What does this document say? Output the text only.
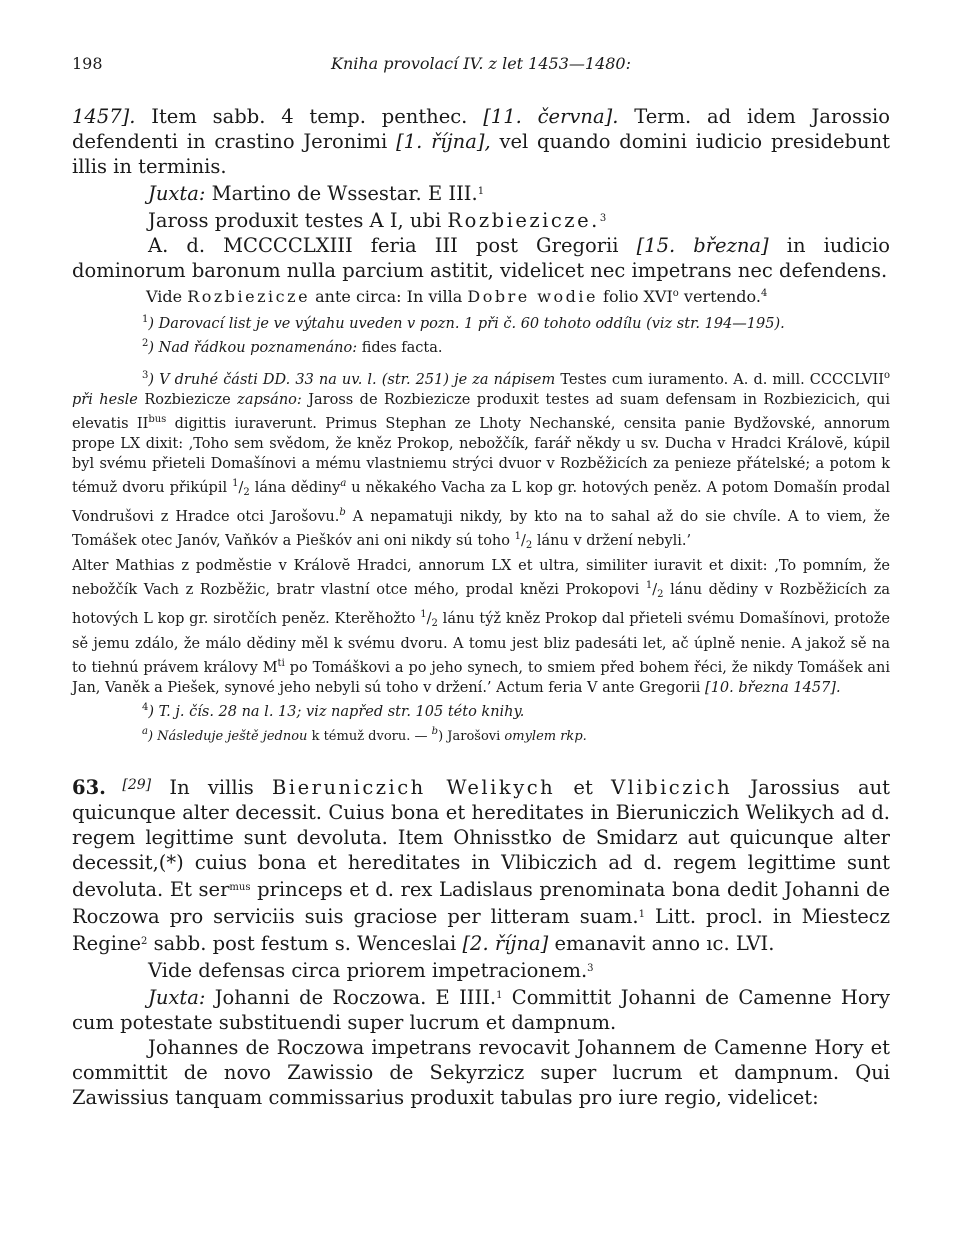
198	Kniha provolací IV. z let 1453—1480:

1457]. Item sabb. 4 temp. penthec. [11. června]. Term. ad idem Jarossio defendenti in crastino Jeronimi [1. října], vel quando domini iudicio presidebunt illis in terminis.

Juxta: Martino de Wssestar. E III.$^1$

Jaross produxit testes A I, ubi Rozbiezicze.$^3$

A. d. MCCCCLXIII feria III post Gregorii [15. března] in iudicio dominorum baronum nulla parcium astitit, videlicet nec impetrans nec defendens.

Vide Rozbiezicze ante circa: In villa Dobre wodie folio XVI$^o$ vertendo.$^4$

$^1$) Darovací list je ve výtahu uveden v pozn. 1 při č. 60 tohoto oddílu (viz str. 194—195).

$^2$) Nad řádkou poznamenáno: fides facta.

$^3$) V druhé části DD. 33 na uv. l. (str. 251) je za nápisem Testes cum iuramento. A. d. mill. CCCCLVII$^o$ při hesle Rozbiezicze zapsáno: Jaross de Rozbiezicze produxit testes ad suam defensam in Rozbiezicich, qui elevatis $II^{bus}$ digittis iuraverunt. Primus Stephan ze Lhoty Nechanské, censita panie Bydžovské, annorum prope LX dixit: ‚Toho sem svědom, že kněz Prokop, nebožčík, farář někdy u sv. Ducha v Hradci Královĕ, kúpil byl svému přieteli Domašínovi a mému vlastniemu strýci dvuor v Rozběžicích za penieze přátelské; a potom k témuž dvoru přikúpil $^1/_2$ lána dědiny$^a$ u někakého Vacha za L kop gr. hotových peněz. A potom Domašín prodal Vondrušovi z Hradce otci Jarošovu.$^b$ A nepamatuji nikdy, by kto na to sahal až do sie chvíle. A to viem, že Tomášek otec Janóv, Vaňkóv a Pieškóv ani oni nikdy sú toho $^1/_2$ lánu v držení nebyli.’

Alter Mathias z podměstie v Královĕ Hradci, annorum LX et ultra, similiter iuravit et dixit: ‚To pomním, že nebožčík Vach z Rozběžic, bratr vlastní otce mého, prodal knězi Prokopovi $^1/_2$ lánu dědiny v Rozběžicích za hotových L kop gr. sirotčích peněz. Kterěhožto $^1/_2$ lánu týž kněz Prokop dal přieteli svému Domašínovi, protože sě jemu zdálo, že málo dědiny měl k svému dvoru. A tomu jest bliz padesáti let, ač úplně nenie. A jakož sě na to tiehnú právem královy $M^{ti}$ po Tomáškovi a po jeho synech, to smiem před bohem řéci, že nikdy Tomášek ani Jan, Vaněk a Piešek, synové jeho nebyli sú toho v držení.’ Actum feria V ante Gregorii [10. března 1457].

$^4$) T. j. čís. 28 na l. 13; viz napřed str. 105 této knihy.

$^a$) Následuje ještě jednou k témuž dvoru. — $^b$) Jarošovi omylem rkp.

63. [29] In villis Bieruniczich Welikych et Vlibiczich Jarossius aut quicunque alter decessit. Cuius bona et hereditates in Bieruniczich Welikych ad d. regem legittime sunt devoluta. Item Ohnisstko de Smidarz aut quicunque alter decessit,(*) cuius bona et hereditates in Vlibiczich ad d. regem legittime sunt devoluta. Et ser$^{mus}$ princeps et d. rex Ladislaus prenominata bona dedit Johanni de Roczowa pro serviciis suis graciose per litteram suam.$^1$ Litt. procl. in Miestecz Regine$^2$ sabb. post festum s. Wenceslai [2. října] emanavit anno ıc. LVI.

Vide defensas circa priorem impetracionem.$^3$

Juxta: Johanni de Roczowa. E IIII.$^1$ Committit Johanni de Camenne Hory cum potestate substituendi super lucrum et dampnum.

Johannes de Roczowa impetrans revocavit Johannem de Camenne Hory et committit de novo Zawissio de Sekyrzicz super lucrum et dampnum. Qui Zawissius tanquam commissarius produxit tabulas pro iure regio, videlicet:
